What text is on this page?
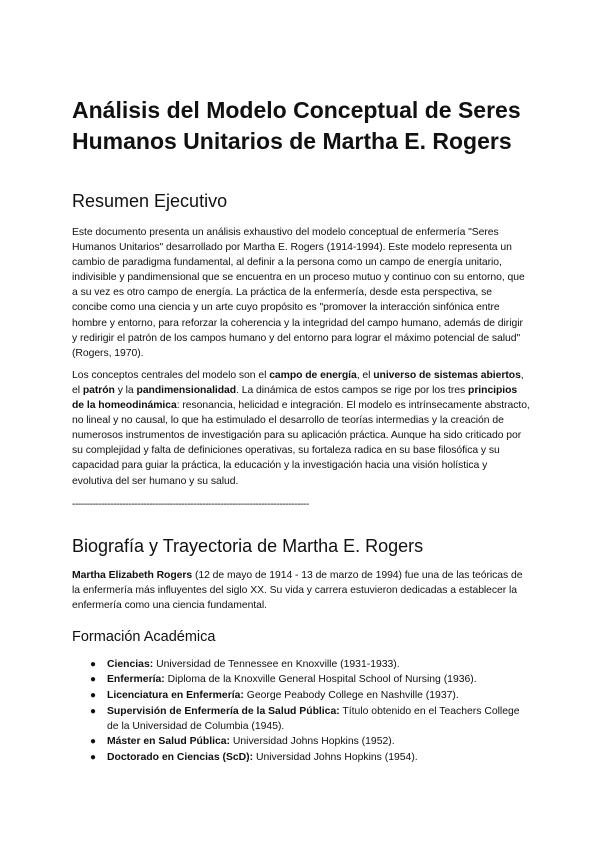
Análisis del Modelo Conceptual de Seres Humanos Unitarios de Martha E. Rogers
Resumen Ejecutivo

Este documento presenta un análisis exhaustivo del modelo conceptual de enfermería "Seres Humanos Unitarios" desarrollado por Martha E. Rogers (1914-1994). Este modelo representa un cambio de paradigma fundamental, al definir a la persona como un campo de energía unitario, indivisible y pandimensional que se encuentra en un proceso mutuo y continuo con su entorno, que a su vez es otro campo de energía. La práctica de la enfermería, desde esta perspectiva, se concibe como una ciencia y un arte cuyo propósito es "promover la interacción sinfónica entre hombre y entorno, para reforzar la coherencia y la integridad del campo humano, además de dirigir y redirigir el patrón de los campos humano y del entorno para lograr el máximo potencial de salud" (Rogers, 1970).

Los conceptos centrales del modelo son el campo de energía, el universo de sistemas abiertos, el patrón y la pandimensionalidad. La dinámica de estos campos se rige por los tres principios de la homeodinámica: resonancia, helicidad e integración. El modelo es intrínsecamente abstracto, no lineal y no causal, lo que ha estimulado el desarrollo de teorías intermedias y la creación de numerosos instrumentos de investigación para su aplicación práctica. Aunque ha sido criticado por su complejidad y falta de definiciones operativas, su fortaleza radica en su base filosófica y su capacidad para guiar la práctica, la educación y la investigación hacia una visión holística y evolutiva del ser humano y su salud.

--------------------------------------------------------------------------------
Biografía y Trayectoria de Martha E. Rogers

Martha Elizabeth Rogers (12 de mayo de 1914 - 13 de marzo de 1994) fue una de las teóricas de la enfermería más influyentes del siglo XX. Su vida y carrera estuvieron dedicadas a establecer la enfermería como una ciencia fundamental.

Formación Académica
● Ciencias: Universidad de Tennessee en Knoxville (1931-1933).
● Enfermería: Diploma de la Knoxville General Hospital School of Nursing (1936).
● Licenciatura en Enfermería: George Peabody College en Nashville (1937).
● Supervisión de Enfermería de la Salud Pública: Título obtenido en el Teachers College de la Universidad de Columbia (1945).
● Máster en Salud Pública: Universidad Johns Hopkins (1952).
● Doctorado en Ciencias (ScD): Universidad Johns Hopkins (1954).
